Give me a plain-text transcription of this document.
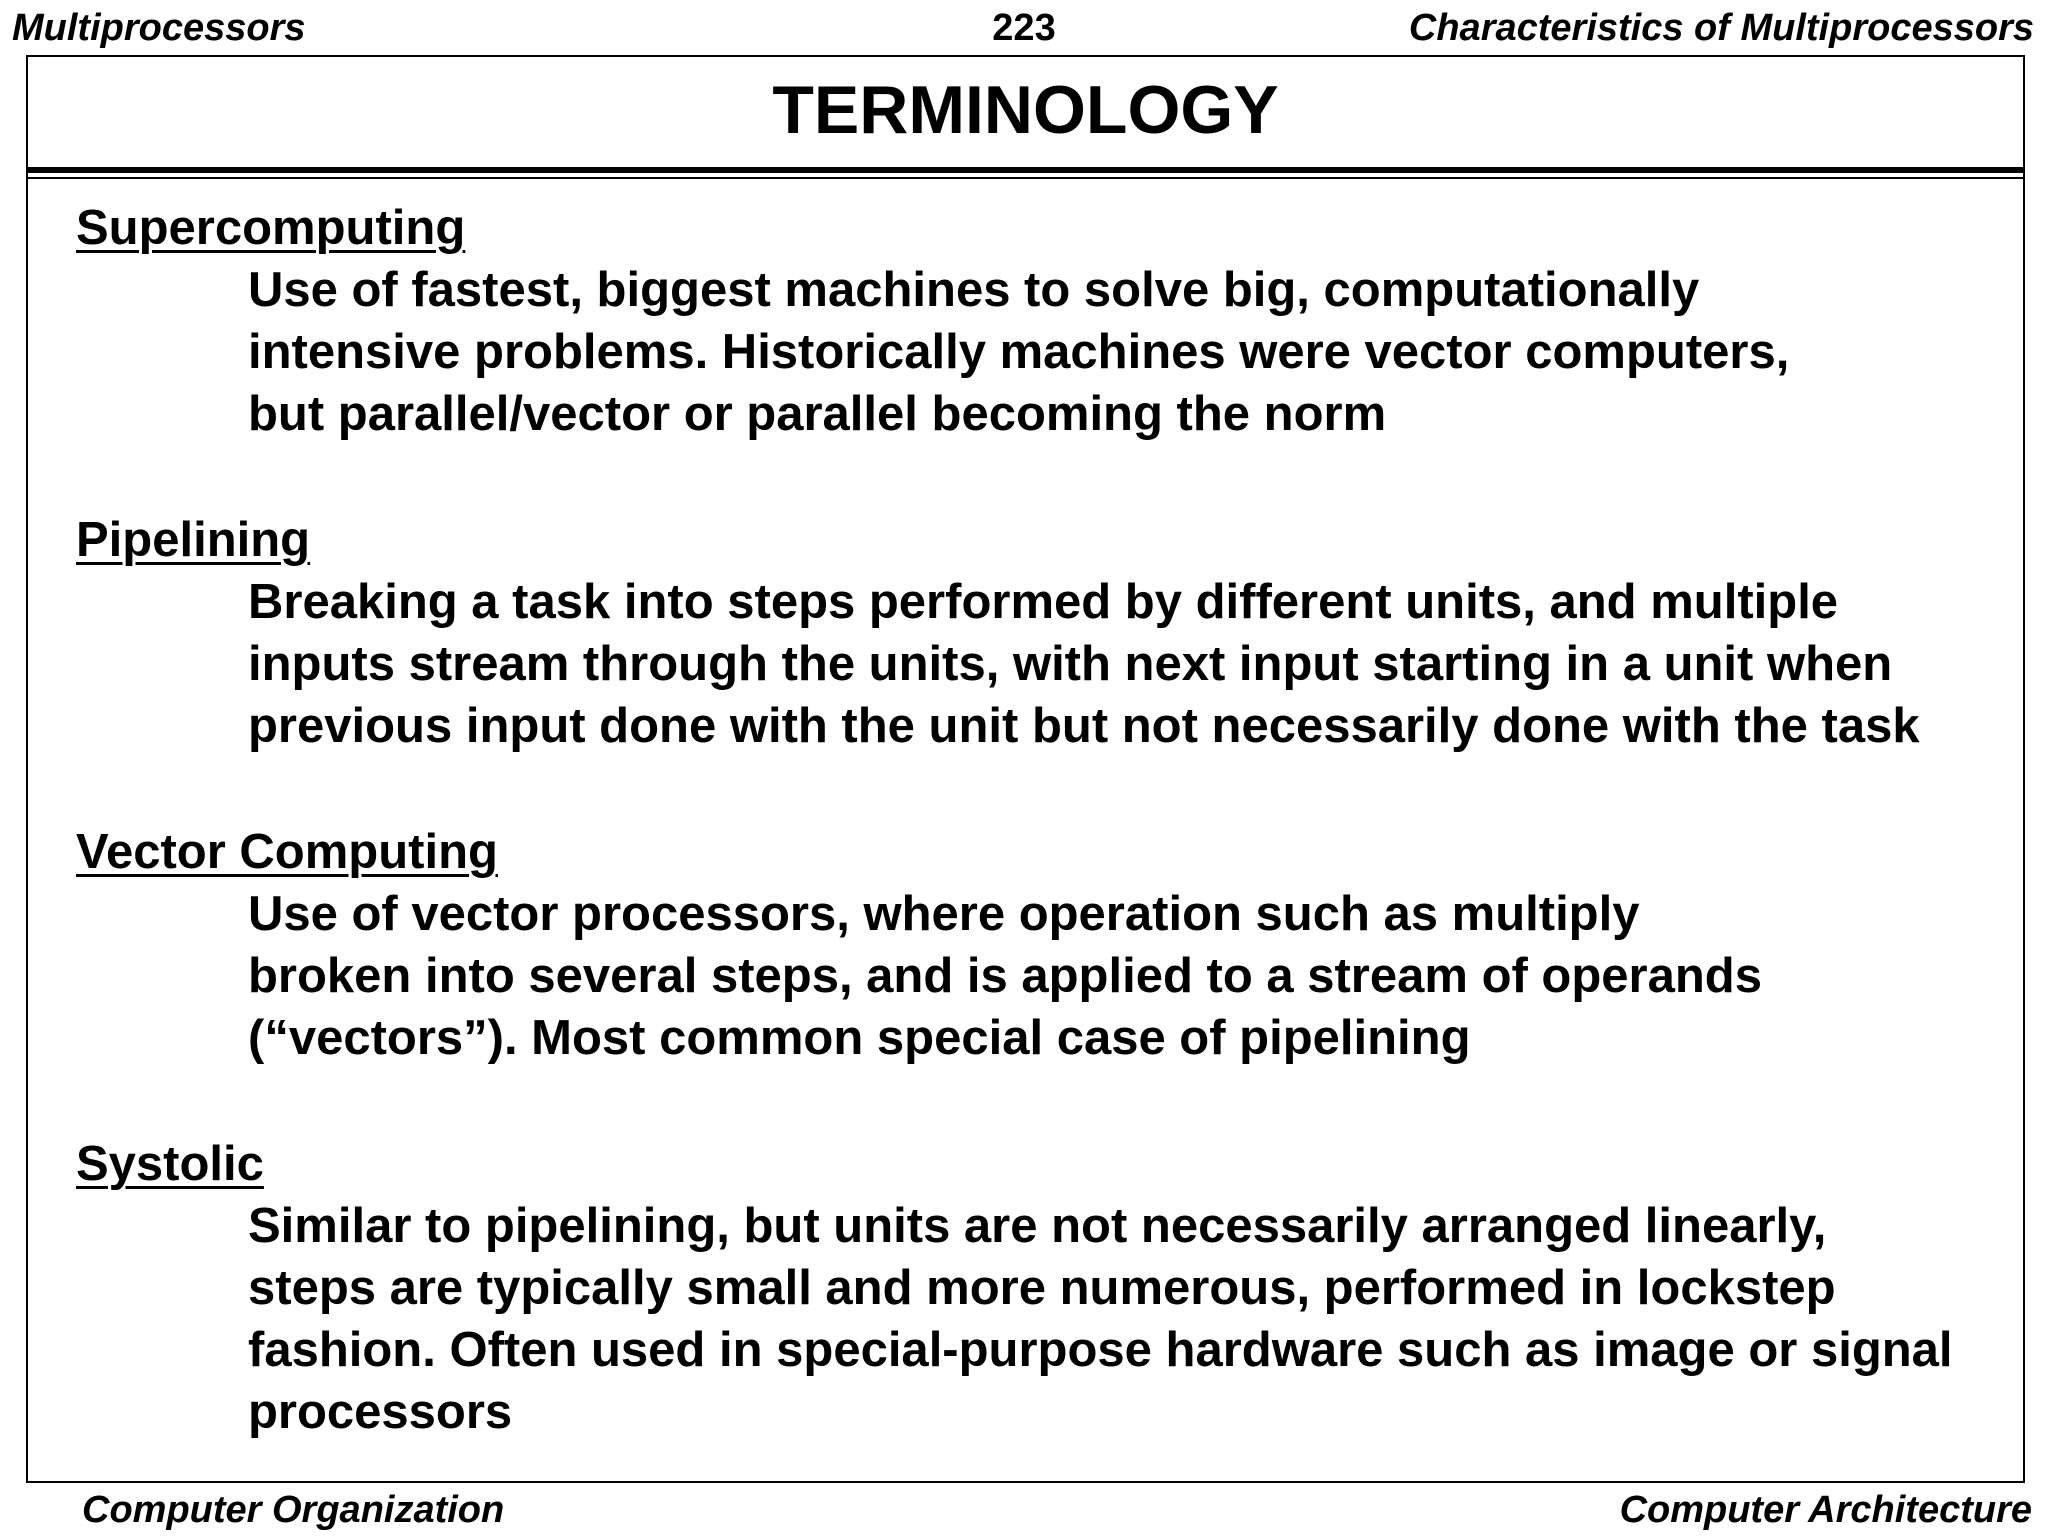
Multiprocessors	223	Characteristics of Multiprocessors
TERMINOLOGY
Supercomputing
Use of fastest, biggest machines to solve big, computationally
intensive problems. Historically machines were vector computers,
but parallel/vector or parallel becoming the norm
Pipelining
Breaking a task into steps performed by different units, and multiple
inputs stream through the units, with next input starting in a unit when
previous input done with the unit but not necessarily done with the task
Vector Computing
Use of vector processors, where operation such as multiply
broken into several steps, and is applied to a stream of operands
(“vectors”). Most common special case of pipelining
Systolic
Similar to pipelining, but units are not necessarily arranged linearly,
steps are typically small and more numerous, performed in lockstep
fashion. Often used in special-purpose hardware such as image or signal
processors
Computer Organization	Computer Architecture
